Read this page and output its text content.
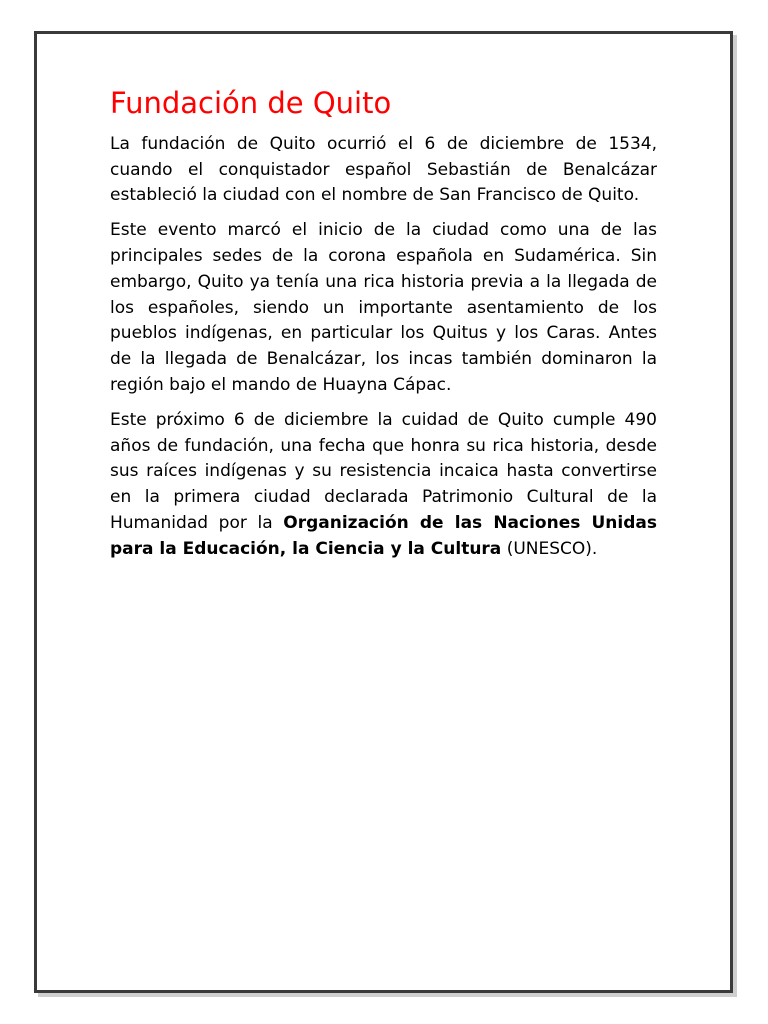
Fundación de Quito

La fundación de Quito ocurrió el 6 de diciembre de 1534, cuando el conquistador español Sebastián de Benalcázar estableció la ciudad con el nombre de San Francisco de Quito.

Este evento marcó el inicio de la ciudad como una de las principales sedes de la corona española en Sudamérica. Sin embargo, Quito ya tenía una rica historia previa a la llegada de los españoles, siendo un importante asentamiento de los pueblos indígenas, en particular los Quitus y los Caras. Antes de la llegada de Benalcázar, los incas también dominaron la región bajo el mando de Huayna Cápac.

Este próximo 6 de diciembre la cuidad de Quito cumple 490 años de fundación, una fecha que honra su rica historia, desde sus raíces indígenas y su resistencia incaica hasta convertirse en la primera ciudad declarada Patrimonio Cultural de la Humanidad por la Organización de las Naciones Unidas para la Educación, la Ciencia y la Cultura (UNESCO).
